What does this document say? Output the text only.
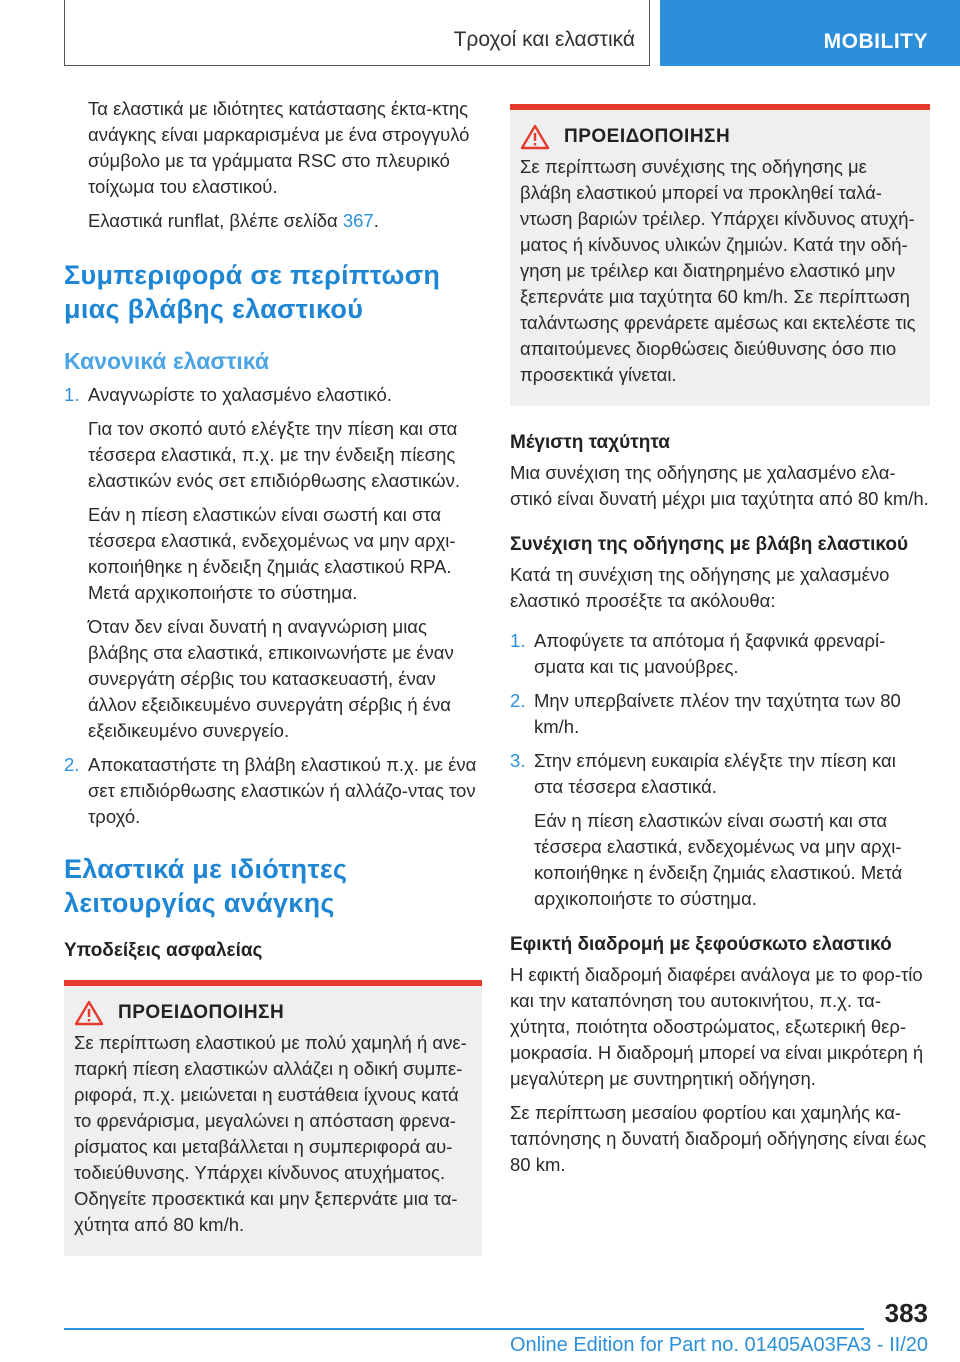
Τροχοί και ελαστικά	MOBILITY

Τα ελαστικά με ιδιότητες κατάστασης έκτα-κτης ανάγκης είναι μαρκαρισμένα με ένα στρογγυλό σύμβολο με τα γράμματα RSC στο πλευρικό τοίχωμα του ελαστικού.

Ελαστικά runflat, βλέπε σελίδα 367.

Συμπεριφορά σε περίπτωση μιας βλάβης ελαστικού
Κανονικά ελαστικά
1. Αναγνωρίστε το χαλασμένο ελαστικό.

Για τον σκοπό αυτό ελέγξτε την πίεση και στα τέσσερα ελαστικά, π.χ. με την ένδειξη πίεσης ελαστικών ενός σετ επιδιόρθωσης ελαστικών.

Εάν η πίεση ελαστικών είναι σωστή και στα τέσσερα ελαστικά, ενδεχομένως να μην αρχι-κοποιήθηκε η ένδειξη ζημιάς ελαστικού RPA. Μετά αρχικοποιήστε το σύστημα.

Όταν δεν είναι δυνατή η αναγνώριση μιας βλάβης στα ελαστικά, επικοινωνήστε με έναν συνεργάτη σέρβις του κατασκευαστή, έναν άλλον εξειδικευμένο συνεργάτη σέρβις ή ένα εξειδικευμένο συνεργείο.

2. Αποκαταστήστε τη βλάβη ελαστικού π.χ. με ένα σετ επιδιόρθωσης ελαστικών ή αλλάζο-ντας τον τροχό.

Ελαστικά με ιδιότητες λειτουργίας ανάγκης
Υποδείξεις ασφαλείας
ΠΡΟΕΙΔΟΠΟΙΗΣΗ

Σε περίπτωση ελαστικού με πολύ χαμηλή ή ανε-παρκή πίεση ελαστικών αλλάζει η οδική συμπε-ριφορά, π.χ. μειώνεται η ευστάθεια ίχνους κατά το φρενάρισμα, μεγαλώνει η απόσταση φρενα-ρίσματος και μεταβάλλεται η συμπεριφορά αυ-τοδιεύθυνσης. Υπάρχει κίνδυνος ατυχήματος. Οδηγείτε προσεκτικά και μην ξεπερνάτε μια τα-χύτητα από 80 km/h.

ΠΡΟΕΙΔΟΠΟΙΗΣΗ

Σε περίπτωση συνέχισης της οδήγησης με βλάβη ελαστικού μπορεί να προκληθεί ταλά-ντωση βαριών τρέιλερ. Υπάρχει κίνδυνος ατυχή-ματος ή κίνδυνος υλικών ζημιών. Κατά την οδή-γηση με τρέιλερ και διατηρημένο ελαστικό μην ξεπερνάτε μια ταχύτητα 60 km/h. Σε περίπτωση ταλάντωσης φρενάρετε αμέσως και εκτελέστε τις απαιτούμενες διορθώσεις διεύθυνσης όσο πιο προσεκτικά γίνεται.

Μέγιστη ταχύτητα

Μια συνέχιση της οδήγησης με χαλασμένο ελα-στικό είναι δυνατή μέχρι μια ταχύτητα από 80 km/h.

Συνέχιση της οδήγησης με βλάβη ελαστικού

Κατά τη συνέχιση της οδήγησης με χαλασμένο ελαστικό προσέξτε τα ακόλουθα:

1. Αποφύγετε τα απότομα ή ξαφνικά φρεναρί-σματα και τις μανούβρες.

2. Μην υπερβαίνετε πλέον την ταχύτητα των 80 km/h.

3. Στην επόμενη ευκαιρία ελέγξτε την πίεση και στα τέσσερα ελαστικά.

Εάν η πίεση ελαστικών είναι σωστή και στα τέσσερα ελαστικά, ενδεχομένως να μην αρχι-κοποιήθηκε η ένδειξη ζημιάς ελαστικού. Μετά αρχικοποιήστε το σύστημα.

Εφικτή διαδρομή με ξεφούσκωτο ελαστικό

Η εφικτή διαδρομή διαφέρει ανάλογα με το φορ-τίο και την καταπόνηση του αυτοκινήτου, π.χ. τα-χύτητα, ποιότητα οδοστρώματος, εξωτερική θερ-μοκρασία. Η διαδρομή μπορεί να είναι μικρότερη ή μεγαλύτερη με συντηρητική οδήγηση.

Σε περίπτωση μεσαίου φορτίου και χαμηλής κα-ταπόνησης η δυνατή διαδρομή οδήγησης είναι έως 80 km.

383
Online Edition for Part no. 01405A03FA3 - II/20
